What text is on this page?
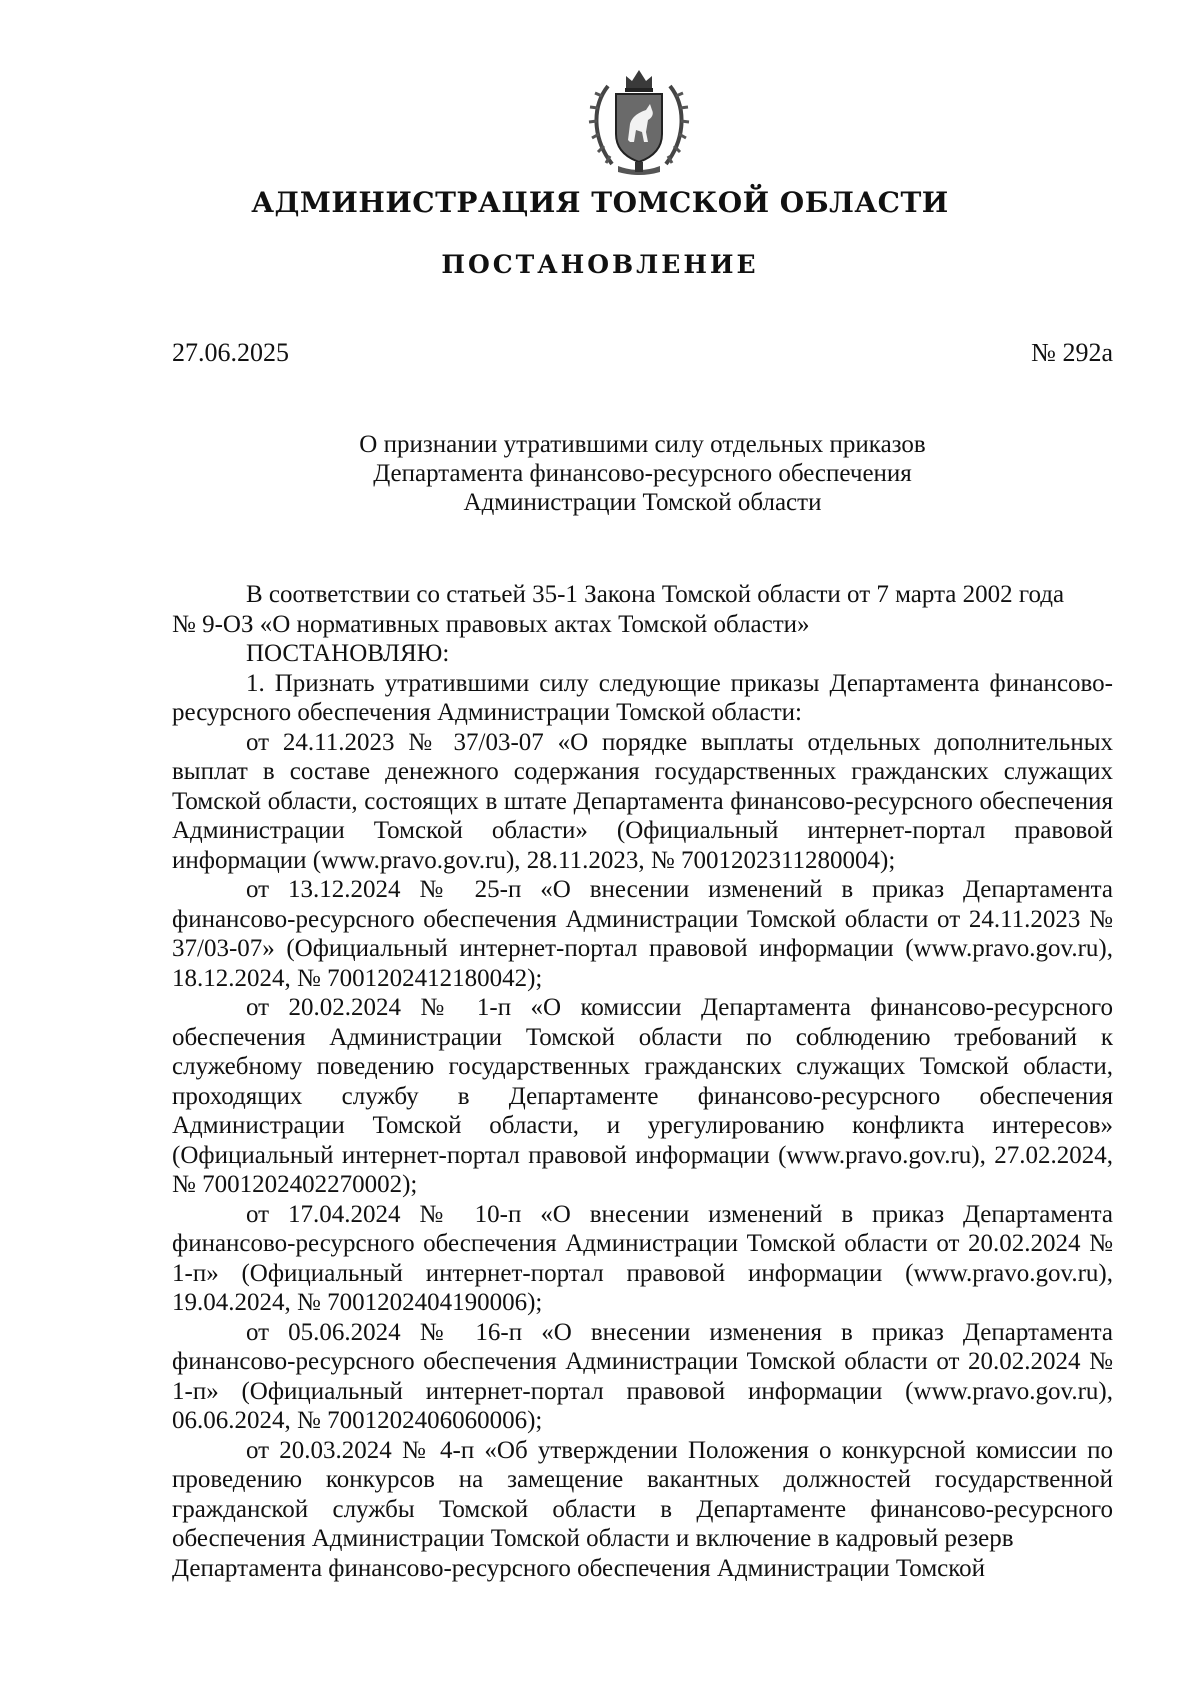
АДМИНИСТРАЦИЯ ТОМСКОЙ ОБЛАСТИ
ПОСТАНОВЛЕНИЕ
27.06.2025	№ 292а
О признании утратившими силу отдельных приказов
Департамента финансово-ресурсного обеспечения
Администрации Томской области

В соответствии со статьей 35-1 Закона Томской области от 7 марта 2002 года

№ 9-ОЗ «О нормативных правовых актах Томской области»

ПОСТАНОВЛЯЮ:

1. Признать утратившими силу следующие приказы Департамента финансово-ресурсного обеспечения Администрации Томской области:

от 24.11.2023 № 37/03-07 «О порядке выплаты отдельных дополнительных выплат в составе денежного содержания государственных гражданских служащих Томской области, состоящих в штате Департамента финансово-ресурсного обеспечения Администрации Томской области» (Официальный интернет-портал правовой информации (www.pravo.gov.ru), 28.11.2023, № 7001202311280004);

от 13.12.2024 № 25-п «О внесении изменений в приказ Департамента финансово-ресурсного обеспечения Администрации Томской области от 24.11.2023 № 37/03-07» (Официальный интернет-портал правовой информации (www.pravo.gov.ru), 18.12.2024, № 7001202412180042);

от 20.02.2024 № 1-п «О комиссии Департамента финансово-ресурсного обеспечения Администрации Томской области по соблюдению требований к служебному поведению государственных гражданских служащих Томской области, проходящих службу в Департаменте финансово-ресурсного обеспечения Администрации Томской области, и урегулированию конфликта интересов» (Официальный интернет-портал правовой информации (www.pravo.gov.ru), 27.02.2024, № 7001202402270002);

от 17.04.2024 № 10-п «О внесении изменений в приказ Департамента финансово-ресурсного обеспечения Администрации Томской области от 20.02.2024 № 1-п» (Официальный интернет-портал правовой информации (www.pravo.gov.ru), 19.04.2024, № 7001202404190006);

от 05.06.2024 № 16-п «О внесении изменения в приказ Департамента финансово-ресурсного обеспечения Администрации Томской области от 20.02.2024 № 1-п» (Официальный интернет-портал правовой информации (www.pravo.gov.ru), 06.06.2024, № 7001202406060006);

от 20.03.2024 № 4-п «Об утверждении Положения о конкурсной комиссии по проведению конкурсов на замещение вакантных должностей государственной гражданской службы Томской области в Департаменте финансово-ресурсного обеспечения Администрации Томской области и включение в кадровый резерв

Департамента финансово-ресурсного обеспечения Администрации Томской
